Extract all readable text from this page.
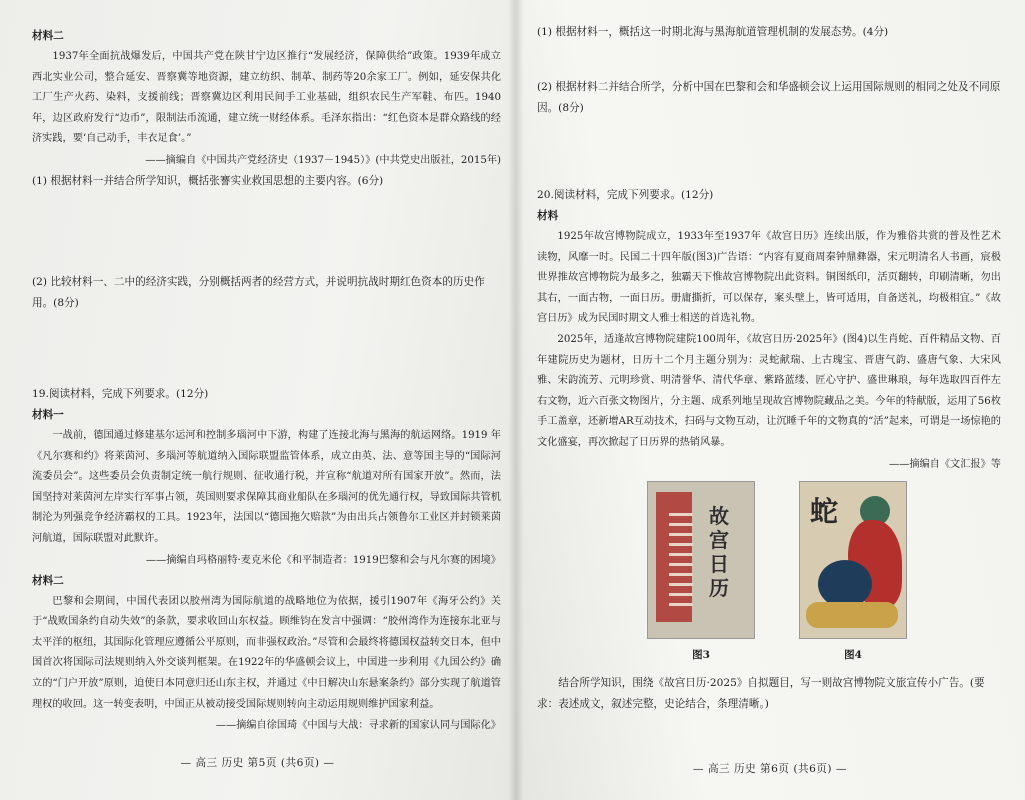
材料二

1937年全面抗战爆发后，中国共产党在陕甘宁边区推行“发展经济，保障供给”政策。1939年成立西北实业公司，整合延安、晋察冀等地资源，建立纺织、制革、制药等20余家工厂。例如，延安保共化工厂生产火药、染料，支援前线；晋察冀边区利用民间手工业基础，组织农民生产军鞋、布匹。1940年，边区政府发行“边币”，限制法币流通，建立统一财经体系。毛泽东指出：“红色资本是群众路线的经济实践，要‘自己动手，丰衣足食’。”

——摘编自《中国共产党经济史（1937－1945）》(中共党史出版社，2015年)

(1) 根据材料一并结合所学知识，概括张謇实业救国思想的主要内容。(6分)

(2) 比较材料一、二中的经济实践，分别概括两者的经营方式，并说明抗战时期红色资本的历史作用。(8分)

19.阅读材料，完成下列要求。(12分)

材料一

一战前，德国通过修建基尔运河和控制多瑙河中下游，构建了连接北海与黑海的航运网络。1919 年《凡尔赛和约》将莱茵河、多瑙河等航道纳入国际联盟监管体系，成立由英、法、意等国主导的“国际河流委员会”。这些委员会负责制定统一航行规则、征收通行税，并宣称“航道对所有国家开放”。然而，法国坚持对莱茵河左岸实行军事占领，英国则要求保障其商业船队在多瑙河的优先通行权，导致国际共管机制沦为列强竞争经济霸权的工具。1923年，法国以“德国拖欠赔款”为由出兵占领鲁尔工业区并封锁莱茵河航道，国际联盟对此默许。

——摘编自玛格丽特·麦克米伦《和平制造者：1919巴黎和会与凡尔赛的困境》

材料二

巴黎和会期间，中国代表团以胶州湾为国际航道的战略地位为依据，援引1907年《海牙公约》关于“战败国条约自动失效”的条款，要求收回山东权益。顾维钧在发言中强调：“胶州湾作为连接东北亚与太平洋的枢纽，其国际化管理应遵循公平原则，而非强权政治。”尽管和会最终将德国权益转交日本，但中国首次将国际司法规则纳入外交谈判框架。在1922年的华盛顿会议上，中国进一步利用《九国公约》确立的“门户开放”原则，迫使日本同意归还山东主权，并通过《中日解决山东悬案条约》部分实现了航道管理权的收回。这一转变表明，中国正从被动接受国际规则转向主动运用规则维护国家利益。

——摘编自徐国琦《中国与大战：寻求新的国家认同与国际化》

— 高三 历史 第5页 (共6页) —

(1) 根据材料一，概括这一时期北海与黑海航道管理机制的发展态势。(4分)

(2) 根据材料二并结合所学，分析中国在巴黎和会和华盛顿会议上运用国际规则的相同之处及不同原因。(8分)

20.阅读材料，完成下列要求。(12分)

材料

1925年故宫博物院成立，1933年至1937年《故宫日历》连续出版，作为雅俗共赏的普及性艺术读物，风靡一时。民国二十四年版(图3)广告语：“内容有夏商周秦钟鼎彝器，宋元明清名人书画，宸极世界推故宫博物院为最多之，独霸天下惟故宫博物院出此资料。铜图纸印，活页翻转，印刷清晰，勿出其右，一面古物，一面日历。册庸撕折，可以保存，案头壁上，皆可适用，自备送礼，均极相宜。”《故宫日历》成为民国时期文人雅士相送的首选礼物。

2025年，适逢故宫博物院建院100周年，《故宫日历·2025年》(图4)以生肖蛇、百件精品文物、百年建院历史为题材，日历十二个月主题分别为：灵蛇献瑞、上古瑰宝、晋唐气韵、盛唐气象、大宋风雅、宋韵流芳、元明珍赏、明清誉华、清代华章、紫路蓝缕、匠心守护、盛世琳琅，每年选取四百件左右文物，近六百张文物图片，分主题、成系列地呈现故宫博物院藏品之美。今年的特献版，运用了56枚手工盖章，还新增AR互动技术，扫码与文物互动，让沉睡千年的文物真的“活”起来，可谓是一场惊艳的文化盛宴，再次掀起了日历界的热销风暴。

——摘编自《文汇报》等

故宫日历
图3
蛇
图4

结合所学知识，围绕《故宫日历·2025》自拟题目，写一则故宫博物院文旅宣传小广告。(要求：表述成文，叙述完整，史论结合，条理清晰。)

— 高三 历史 第6页 (共6页) —
